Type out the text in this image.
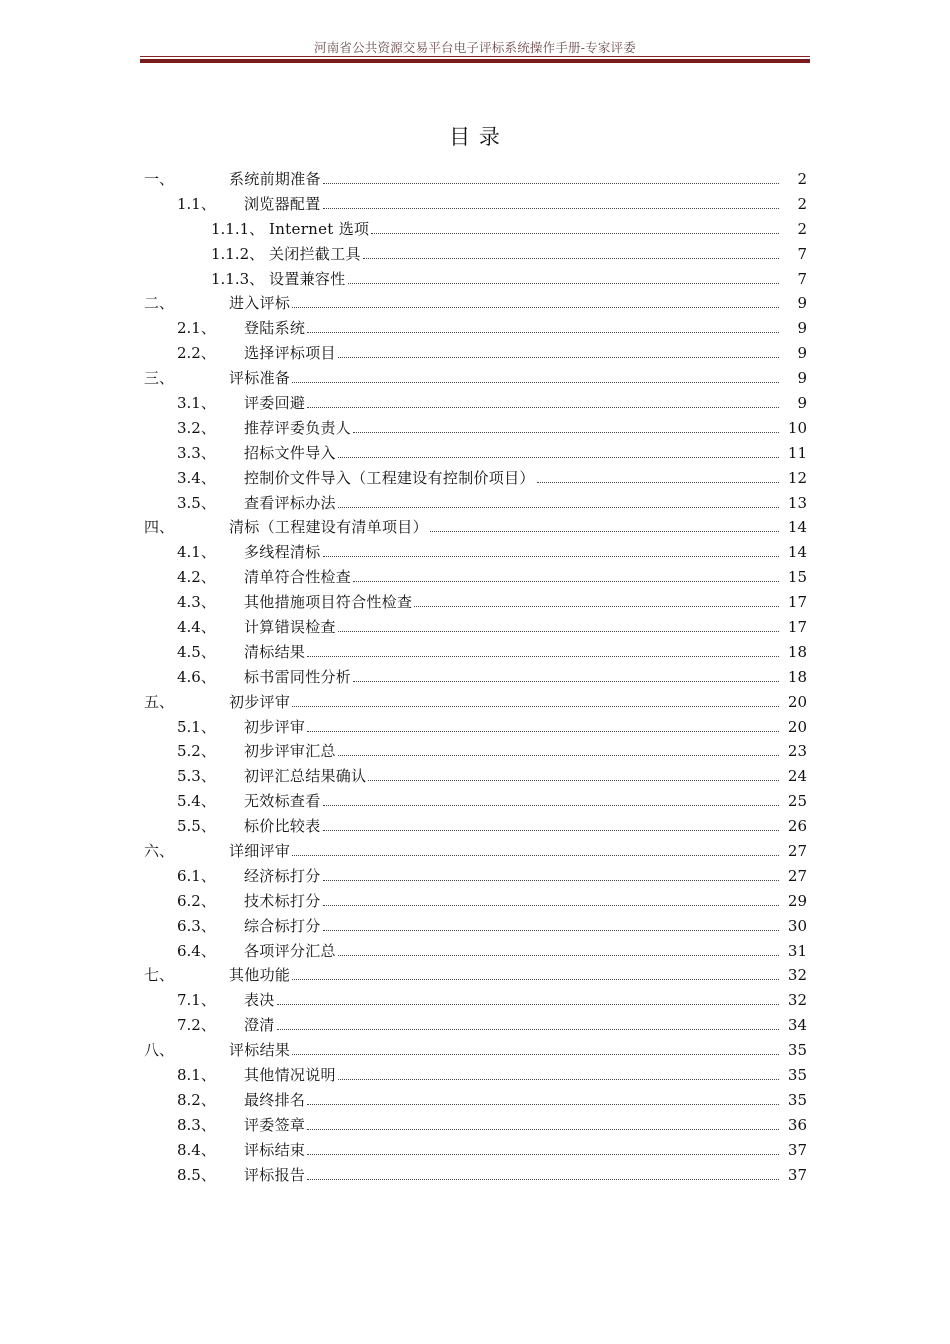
河南省公共资源交易平台电子评标系统操作手册-专家评委
目 录
一、	系统前期准备	2
1.1、	浏览器配置	2
1.1.1、 Internet 选项	2
1.1.2、 关闭拦截工具	7
1.1.3、 设置兼容性	7
二、	进入评标	9
2.1、	登陆系统	9
2.2、	选择评标项目	9
三、	评标准备	9
3.1、	评委回避	9
3.2、	推荐评委负责人	10
3.3、	招标文件导入	11
3.4、	控制价文件导入（工程建设有控制价项目）	12
3.5、	查看评标办法	13
四、	清标（工程建设有清单项目）	14
4.1、	多线程清标	14
4.2、	清单符合性检查	15
4.3、	其他措施项目符合性检查	17
4.4、	计算错误检查	17
4.5、	清标结果	18
4.6、	标书雷同性分析	18
五、	初步评审	20
5.1、	初步评审	20
5.2、	初步评审汇总	23
5.3、	初评汇总结果确认	24
5.4、	无效标查看	25
5.5、	标价比较表	26
六、	详细评审	27
6.1、	经济标打分	27
6.2、	技术标打分	29
6.3、	综合标打分	30
6.4、	各项评分汇总	31
七、	其他功能	32
7.1、	表决	32
7.2、	澄清	34
八、	评标结果	35
8.1、	其他情况说明	35
8.2、	最终排名	35
8.3、	评委签章	36
8.4、	评标结束	37
8.5、	评标报告	37
